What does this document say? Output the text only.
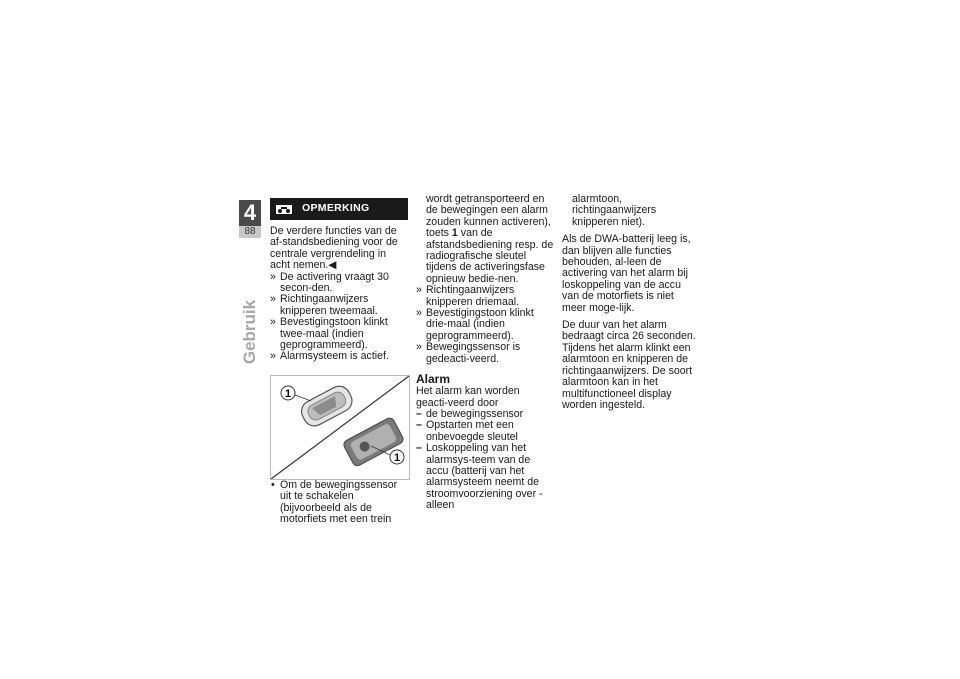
4
88
Gebruik
OPMERKING

De verdere functies van de af-standsbediening voor de centrale vergrendeling in acht nemen.◀

» De activering vraagt 30 secon-den.
» Richtingaanwijzers knipperen tweemaal.
» Bevestigingstoon klinkt twee-maal (indien geprogrammeerd).
» Alarmsysteem is actief.
1
1
• Om de bewegingssensor uit te schakelen (bijvoorbeeld als de motorfiets met een trein

wordt getransporteerd en de bewegingen een alarm zouden kunnen activeren), toets 1 van de afstandsbediening resp. de radiografische sleutel tijdens de activeringsfase opnieuw bedie-nen.

» Richtingaanwijzers knipperen driemaal.
» Bevestigingstoon klinkt drie-maal (indien geprogrammeerd).
» Bewegingssensor is gedeacti-veerd.
Alarm

Het alarm kan worden geacti-veerd door

– de bewegingssensor
– Opstarten met een onbevoegde sleutel
– Loskoppeling van het alarmsys-teem van de accu (batterij van het alarmsysteem neemt de stroomvoorziening over - alleen

alarmtoon, richtingaanwijzers knipperen niet).

Als de DWA-batterij leeg is, dan blijven alle functies behouden, al-leen de activering van het alarm bij loskoppeling van de accu van de motorfiets is niet meer moge-lijk.

De duur van het alarm bedraagt circa 26 seconden. Tijdens het alarm klinkt een alarmtoon en knipperen de richtingaanwijzers. De soort alarmtoon kan in het multifunctioneel display worden ingesteld.
